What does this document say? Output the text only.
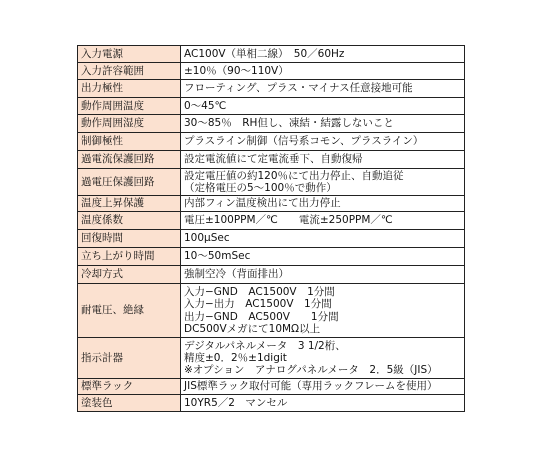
入力電源	AC100V（単相二線）　50／60Hz
入力許容範囲	±10％（90〜110V）
出力極性	フローティング、プラス・マイナス任意接地可能
動作周囲温度	0〜45℃
動作周囲湿度	30〜85％　RH但し、凍結・結露しないこと
制御極性	プラスライン制御（信号系コモン、プラスライン）
過電流保護回路	設定電流値にて定電流垂下、自動復帰
過電圧保護回路	設定電圧値の約120％にて出力停止、自動追従
（定格電圧の5〜100％で動作）
温度上昇保護	内部フィン温度検出にて出力停止
温度係数	電圧±100PPM／℃　　電流±250PPM／℃
回復時間	100μSec
立ち上がり時間	10〜50mSec
冷却方式	強制空冷（背面排出）
耐電圧、絶縁	入力−GND　AC1500V　1分間
入力−出力　AC1500V　1分間
出力−GND　AC500V　　1分間
DC500Vメガにて10MΩ以上
指示計器	デジタルパネルメータ　3 1/2桁、
精度±0．2％±1digit
※オプション　アナログパネルメータ　2．5級（JIS）
標準ラック	JIS標準ラック取付可能（専用ラックフレームを使用）
塗装色	10YR5／2　マンセル
